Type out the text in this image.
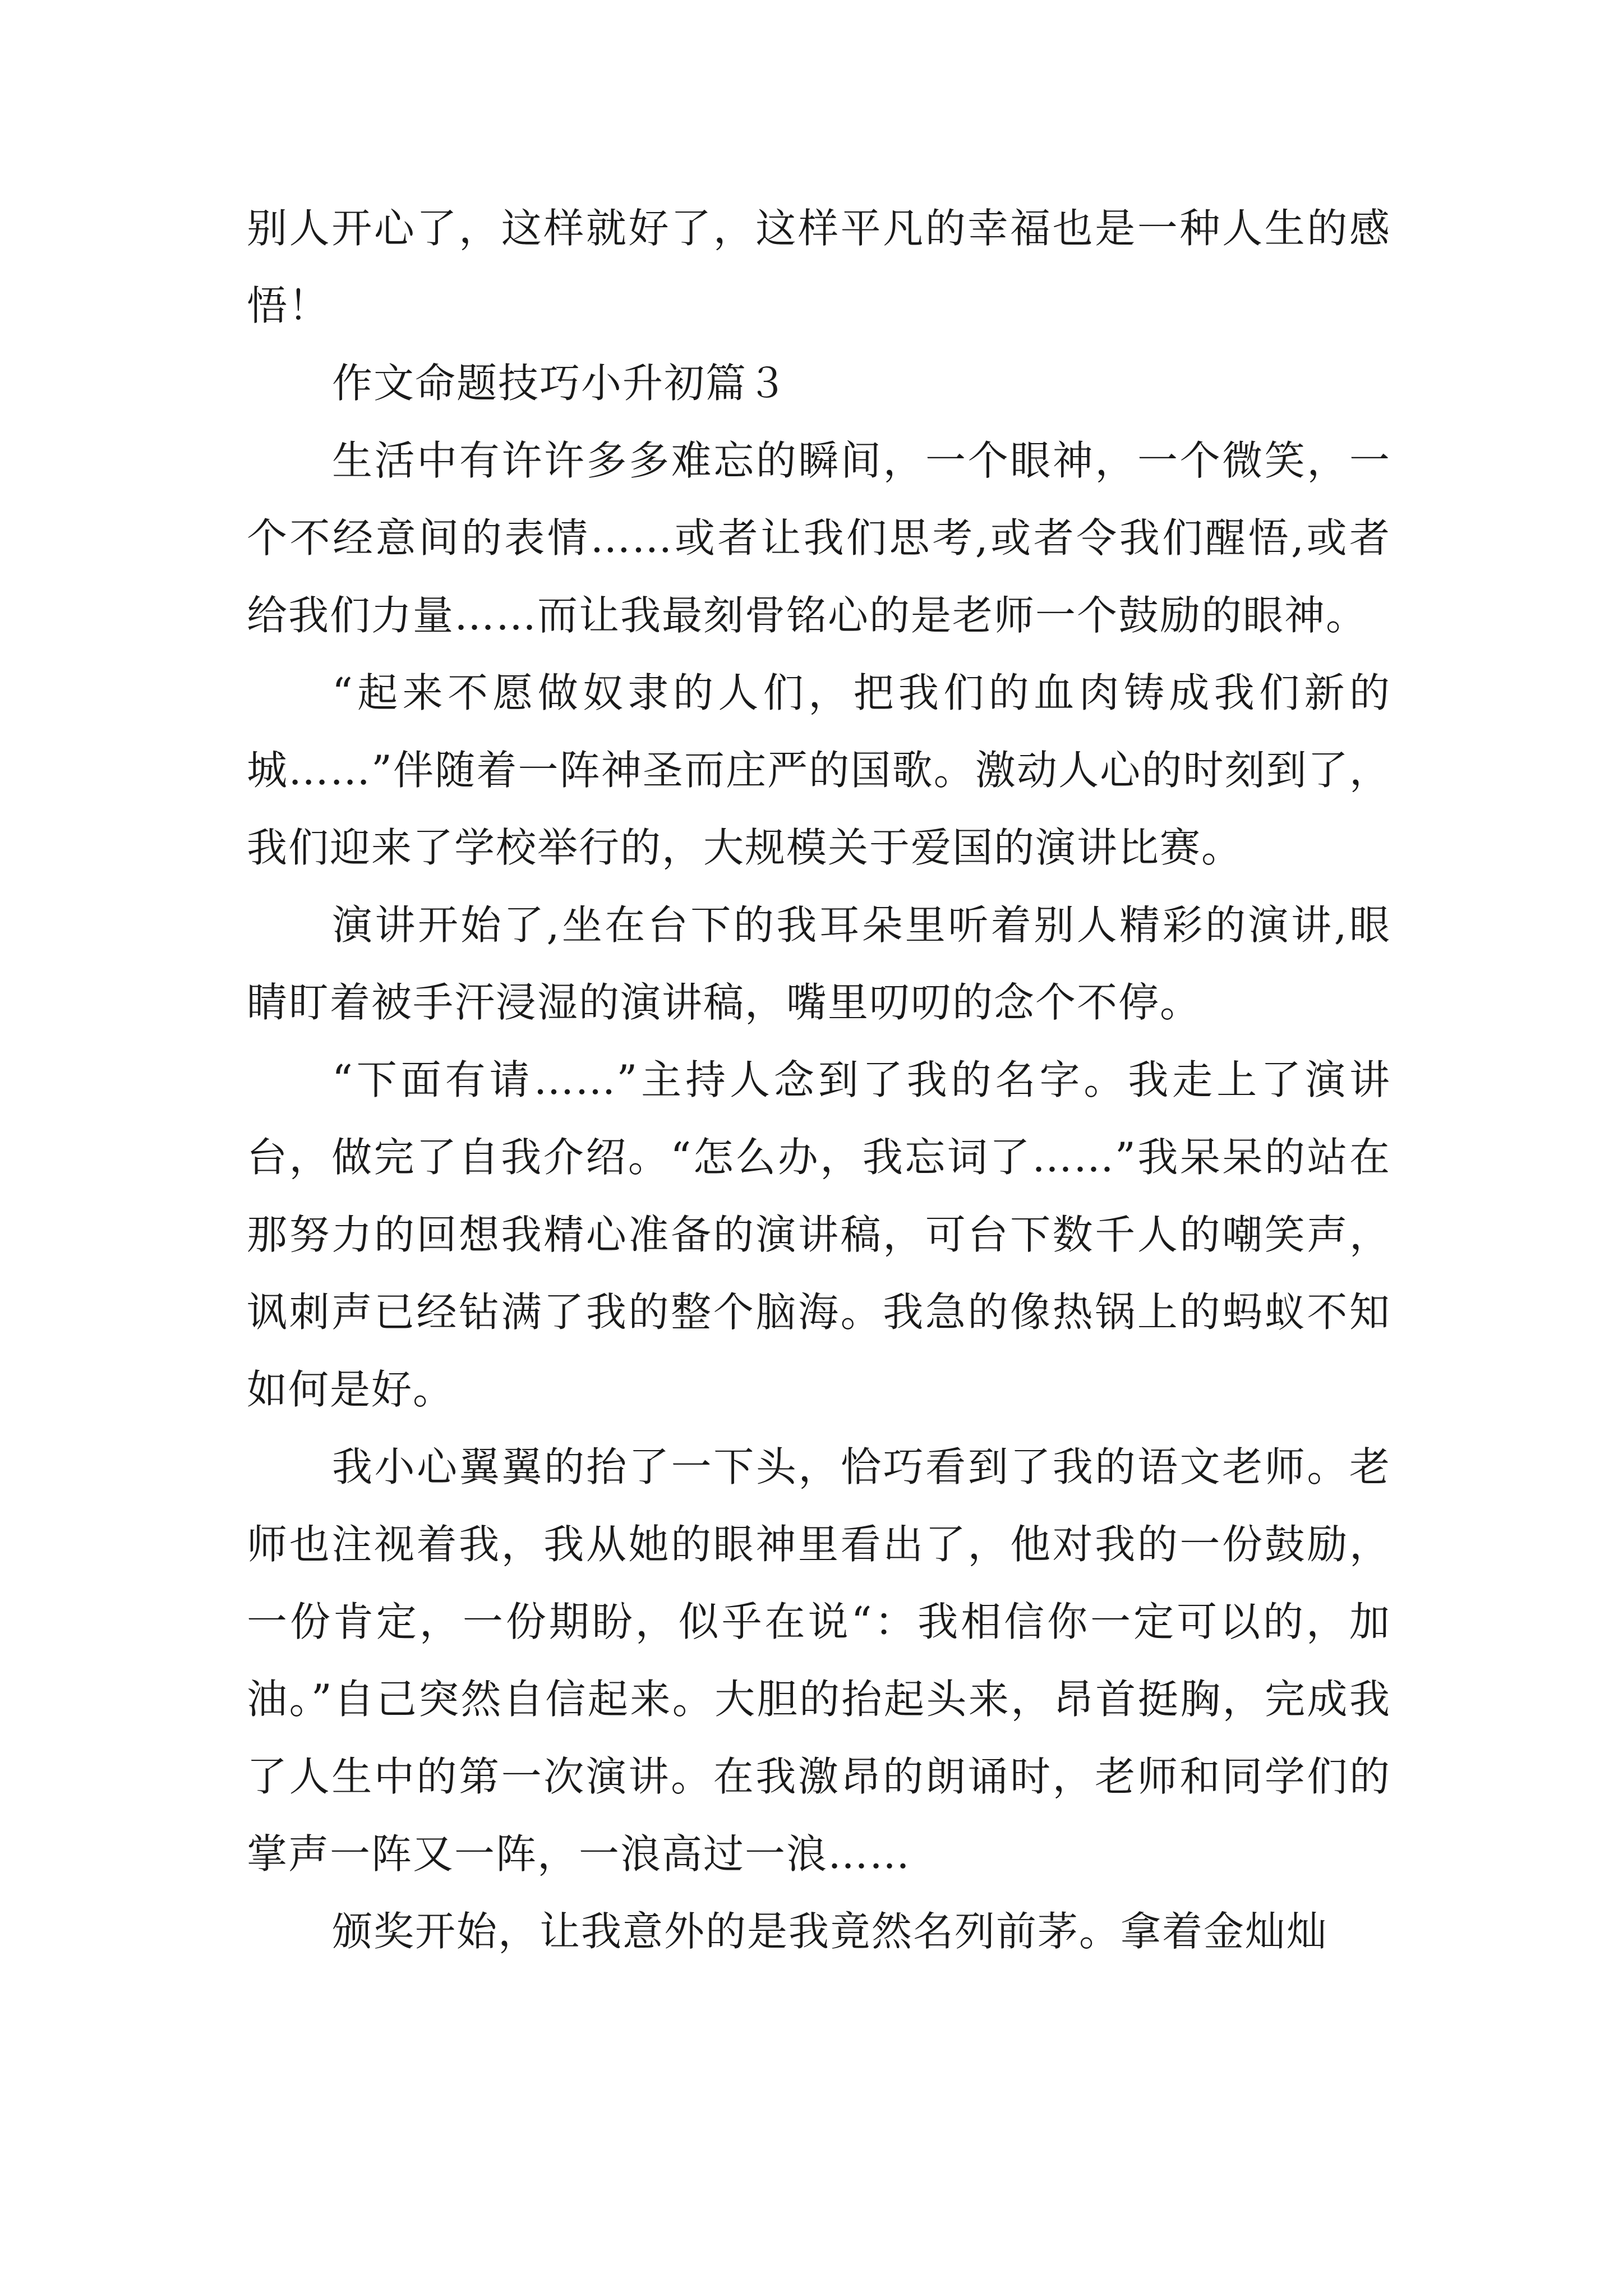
别人开心了，这样就好了，这样平凡的幸福也是一种人生的感悟！

作文命题技巧小升初篇３

生活中有许许多多难忘的瞬间，一个眼神，一个微笑，一个不经意间的表情……或者让我们思考,或者令我们醒悟,或者给我们力量……而让我最刻骨铭心的是老师一个鼓励的眼神。

“起来不愿做奴隶的人们，把我们的血肉铸成我们新的城……”伴随着一阵神圣而庄严的国歌。激动人心的时刻到了，我们迎来了学校举行的，大规模关于爱国的演讲比赛。

演讲开始了,坐在台下的我耳朵里听着别人精彩的演讲,眼睛盯着被手汗浸湿的演讲稿，嘴里叨叨的念个不停。

“下面有请……”主持人念到了我的名字。我走上了演讲台，做完了自我介绍。“怎么办，我忘词了……”我呆呆的站在那努力的回想我精心准备的演讲稿，可台下数千人的嘲笑声，讽刺声已经钻满了我的整个脑海。我急的像热锅上的蚂蚁不知如何是好。

我小心翼翼的抬了一下头，恰巧看到了我的语文老师。老师也注视着我，我从她的眼神里看出了，他对我的一份鼓励，一份肯定，一份期盼，似乎在说“：我相信你一定可以的，加油。”自己突然自信起来。大胆的抬起头来，昂首挺胸，完成我了人生中的第一次演讲。在我激昂的朗诵时，老师和同学们的掌声一阵又一阵，一浪高过一浪……

颁奖开始，让我意外的是我竟然名列前茅。拿着金灿灿
